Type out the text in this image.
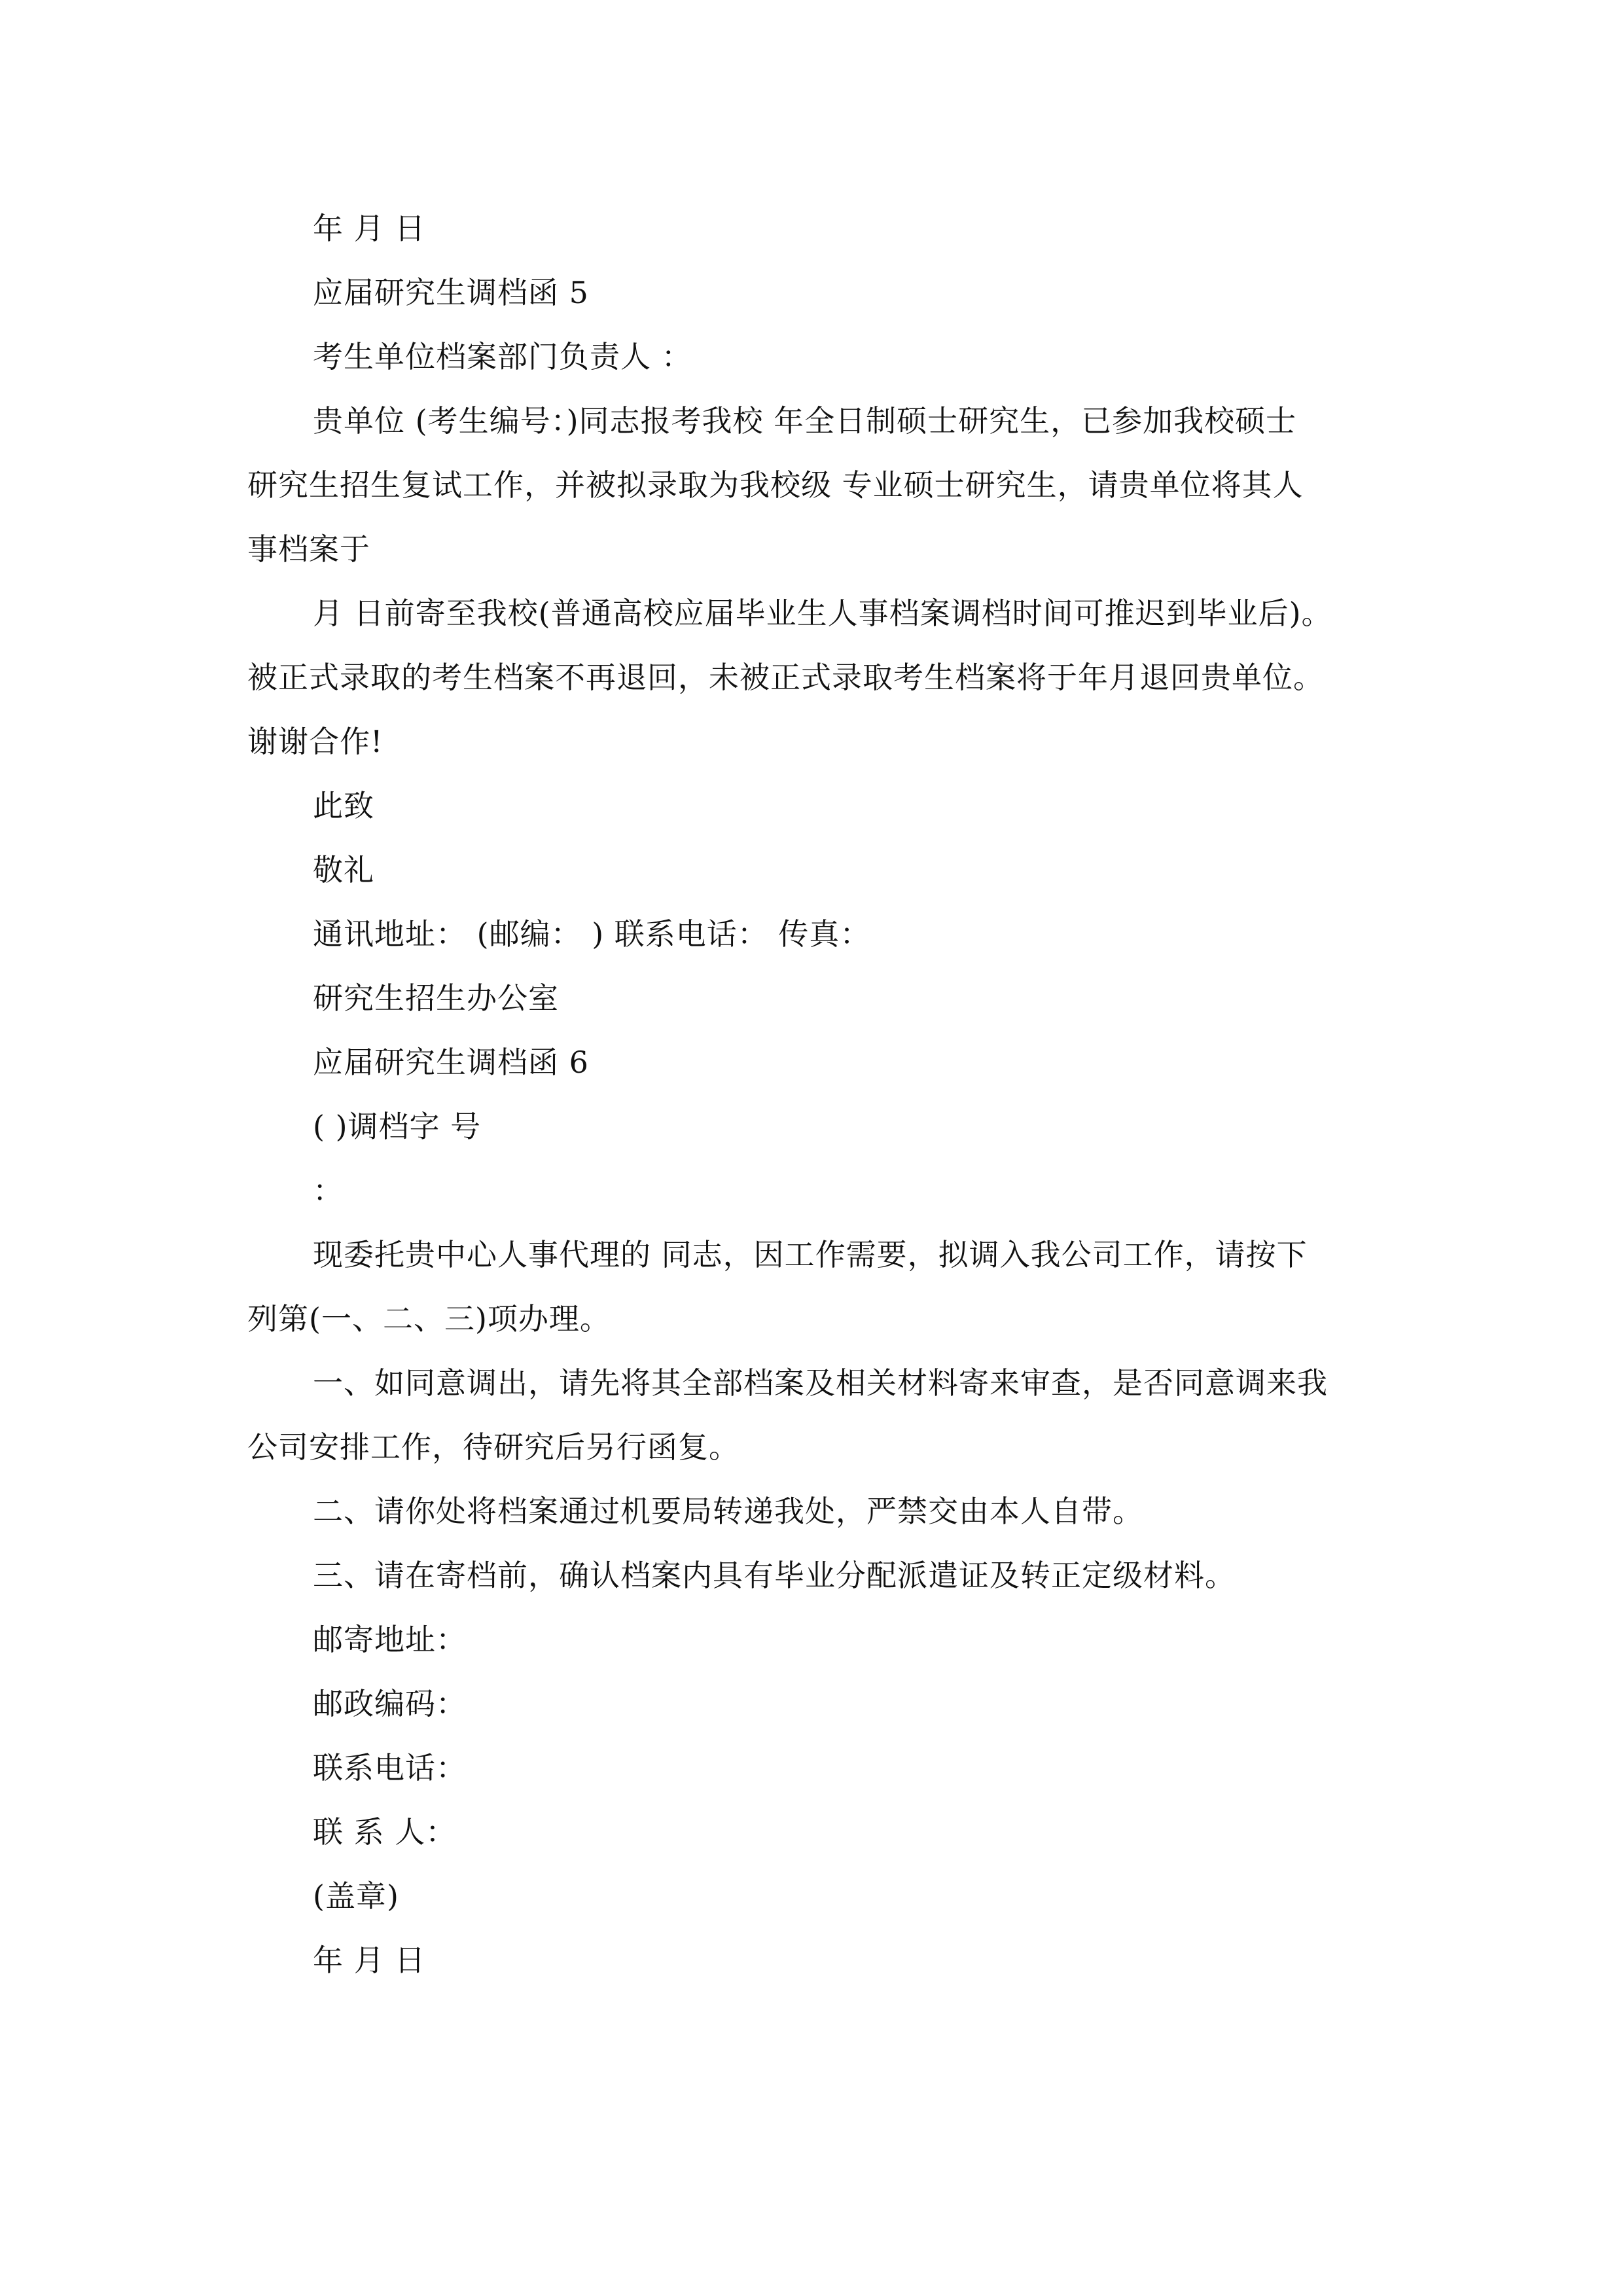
年 月 日
应届研究生调档函 5
考生单位档案部门负责人 ：
贵单位 (考生编号：)同志报考我校 年全日制硕士研究生，已参加我校硕士
研究生招生复试工作，并被拟录取为我校级 专业硕士研究生，请贵单位将其人
事档案于
月 日前寄至我校(普通高校应届毕业生人事档案调档时间可推迟到毕业后)。
被正式录取的考生档案不再退回，未被正式录取考生档案将于年月退回贵单位。
谢谢合作!
此致
敬礼
通讯地址： (邮编： ) 联系电话： 传真：
研究生招生办公室
应届研究生调档函 6
( )调档字 号
：
现委托贵中心人事代理的 同志，因工作需要，拟调入我公司工作，请按下
列第(一、二、三)项办理。
一、如同意调出，请先将其全部档案及相关材料寄来审查，是否同意调来我
公司安排工作，待研究后另行函复。
二、请你处将档案通过机要局转递我处，严禁交由本人自带。
三、请在寄档前，确认档案内具有毕业分配派遣证及转正定级材料。
邮寄地址：
邮政编码：
联系电话：
联 系 人：
(盖章)
年 月 日
